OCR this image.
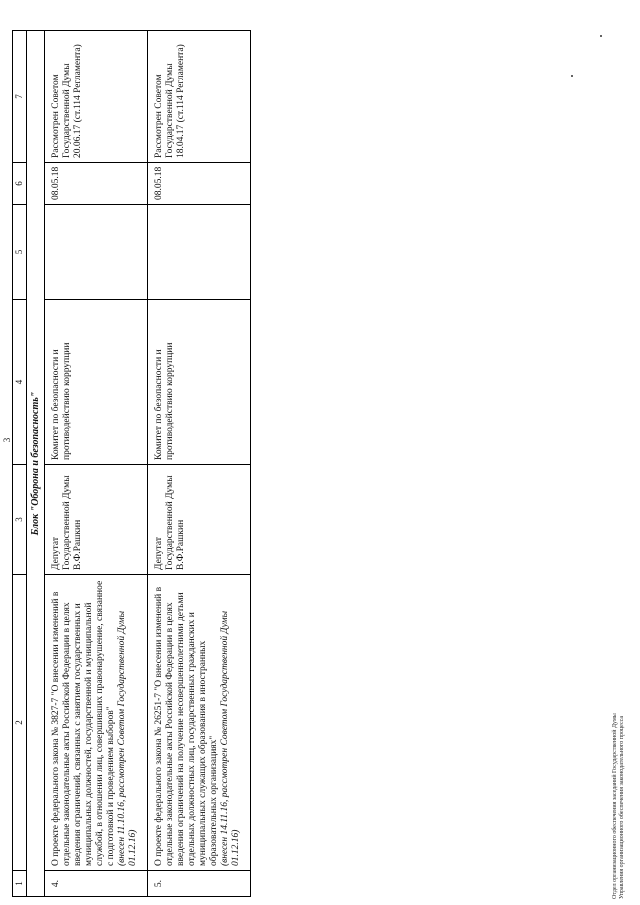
3
1	2	3	4	5	6	7
Блок "Оборона и безопасность"						
4.	О проекте федерального закона № 3827-7 "О внесении изменений в отдельные законодательные акты Российской Федерации в целях введения ограничений, связанных с занятием государственных и муниципальных должностей, государственной и муниципальной службой, в отношении лиц, совершивших правонарушение, связанное с подготовкой и проведением выборов" (внесен 11.10.16, рассмотрен Советом Государственной Думы 01.12.16)	Депутат Государственной Думы В.Ф.Рашкин	Комитет по безопасности и противодействию коррупции		08.05.18	Рассмотрен Советом Государственной Думы 20.06.17 (ст.114 Регламента)
5.	О проекте федерального закона № 26251-7 "О внесении изменений в отдельные законодательные акты Российской Федерации в целях введения ограничений на получение несовершеннолетними детьми отдельных должностных лиц, государственных гражданских и муниципальных служащих образования в иностранных образовательных организациях" (внесен 14.11.16, рассмотрен Советом Государственной Думы 01.12.16)	Депутат Государственной Думы В.Ф.Рашкин	Комитет по безопасности и противодействию коррупции		08.05.18	Рассмотрен Советом Государственной Думы 18.04.17 (ст.114 Регламента)
Отдел организационного обеспечения заседаний Государственной Думы Управления организационного обеспечения законодательного процесса
